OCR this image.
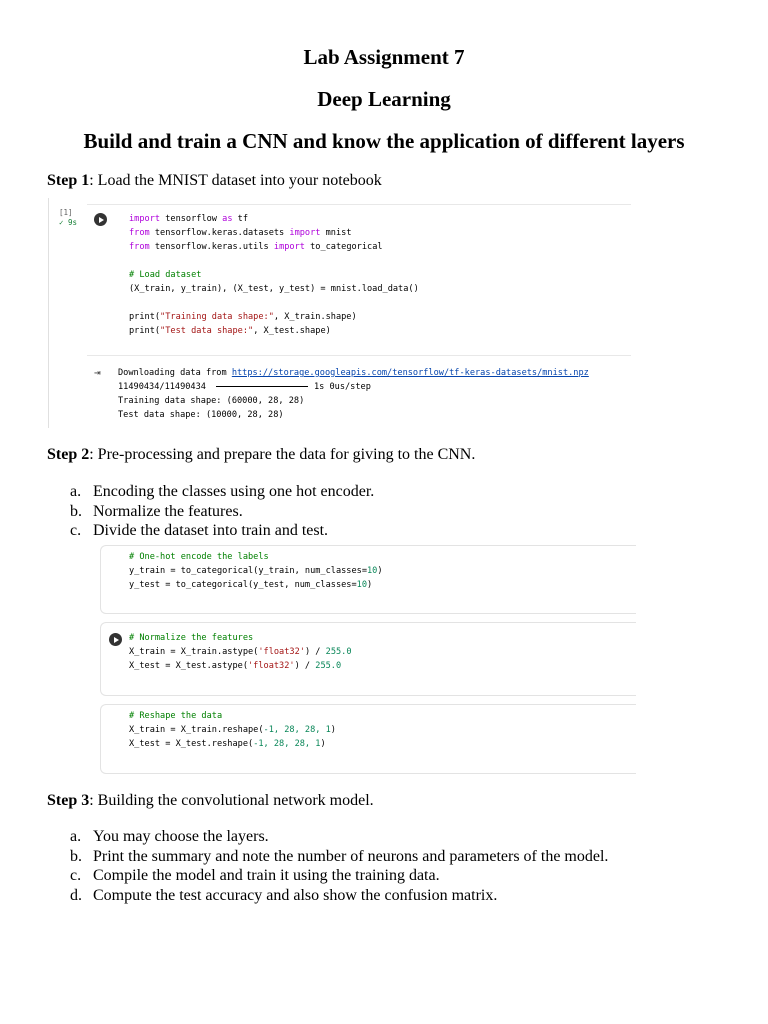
Lab Assignment 7
Deep Learning
Build and train a CNN and know the application of different layers
Step 1: Load the MNIST dataset into your notebook
[1]
✓ 9s	import tensorflow as tf
from tensorflow.keras.datasets import mnist
from tensorflow.keras.utils import to_categorical

# Load dataset
(X_train, y_train), (X_test, y_test) = mnist.load_data()

print("Training data shape:", X_train.shape)
print("Test data shape:", X_test.shape)
⇥ Downloading data from https://storage.googleapis.com/tensorflow/tf-keras-datasets/mnist.npz
11490434/11490434	1s 0us/step
Training data shape: (60000, 28, 28)
Test data shape: (10000, 28, 28)
Step 2: Pre-processing and prepare the data for giving to the CNN.
a. Encoding the classes using one hot encoder.
b. Normalize the features.
c. Divide the dataset into train and test.
# One-hot encode the labels
y_train = to_categorical(y_train, num_classes=10)
y_test = to_categorical(y_test, num_classes=10)
# Normalize the features
X_train = X_train.astype('float32') / 255.0
X_test = X_test.astype('float32') / 255.0
# Reshape the data
X_train = X_train.reshape(-1, 28, 28, 1)
X_test = X_test.reshape(-1, 28, 28, 1)
Step 3: Building the convolutional network model.
a. You may choose the layers.
b. Print the summary and note the number of neurons and parameters of the model.
c. Compile the model and train it using the training data.
d. Compute the test accuracy and also show the confusion matrix.
